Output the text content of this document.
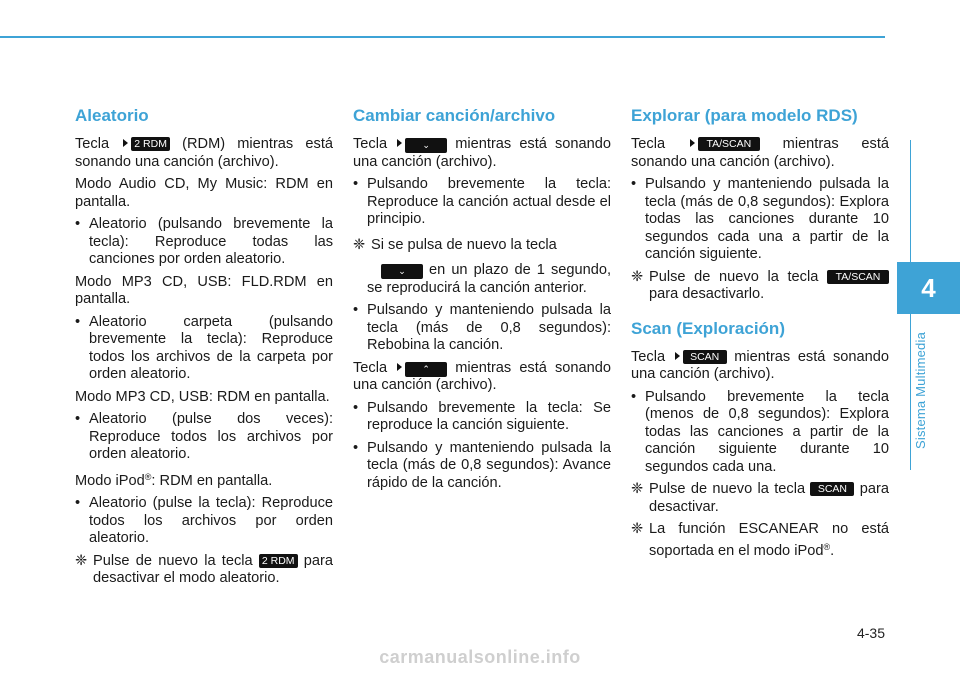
4
Sistema Multimedia
Aleatorio

Tecla 2 RDM (RDM) mientras está sonando una canción (archivo).

Modo Audio CD, My Music: RDM en pantalla.

• Aleatorio (pulsando brevemente la tecla): Reproduce todas las canciones por orden aleatorio.

Modo MP3 CD, USB: FLD.RDM en pantalla.

• Aleatorio carpeta (pulsando brevemente la tecla): Reproduce todos los archivos de la carpeta por orden aleatorio.

Modo MP3 CD, USB: RDM en pantalla.

• Aleatorio (pulse dos veces): Reproduce todos los archivos por orden aleatorio.

Modo iPod®: RDM en pantalla.

• Aleatorio (pulse la tecla): Reproduce todos los archivos por orden aleatorio.

❈ Pulse de nuevo la tecla 2 RDM para desactivar el modo aleatorio.

Cambiar canción/archivo

Tecla	⌄ mientras está sonando una canción (archivo).

• Pulsando brevemente la tecla: Reproduce la canción actual desde el principio.

❈ Si se pulsa de nuevo la tecla

⌄ en un plazo de 1 segundo, se reproducirá la canción anterior.

• Pulsando y manteniendo pulsada la tecla (más de 0,8 segundos): Rebobina la canción.

Tecla	⌃ mientras está sonando una canción (archivo).

• Pulsando brevemente la tecla: Se reproduce la canción siguiente.

• Pulsando y manteniendo pulsada la tecla (más de 0,8 segundos): Avance rápido de la canción.

Explorar (para modelo RDS)

Tecla	TA/SCAN mientras está sonando una canción (archivo).

• Pulsando y manteniendo pulsada la tecla (más de 0,8 segundos): Explora todas las canciones durante 10 segundos cada una a partir de la canción siguiente.

❈ Pulse de nuevo la tecla TA/SCAN para desactivarlo.

Scan (Exploración)

Tecla SCAN mientras está sonando una canción (archivo).

• Pulsando brevemente la tecla (menos de 0,8 segundos): Explora todas las canciones a partir de la canción siguiente durante 10 segundos cada una.

❈ Pulse de nuevo la tecla SCAN para desactivar.

❈ La función ESCANEAR no está soportada en el modo iPod®.

4-35
carmanualsonline.info
